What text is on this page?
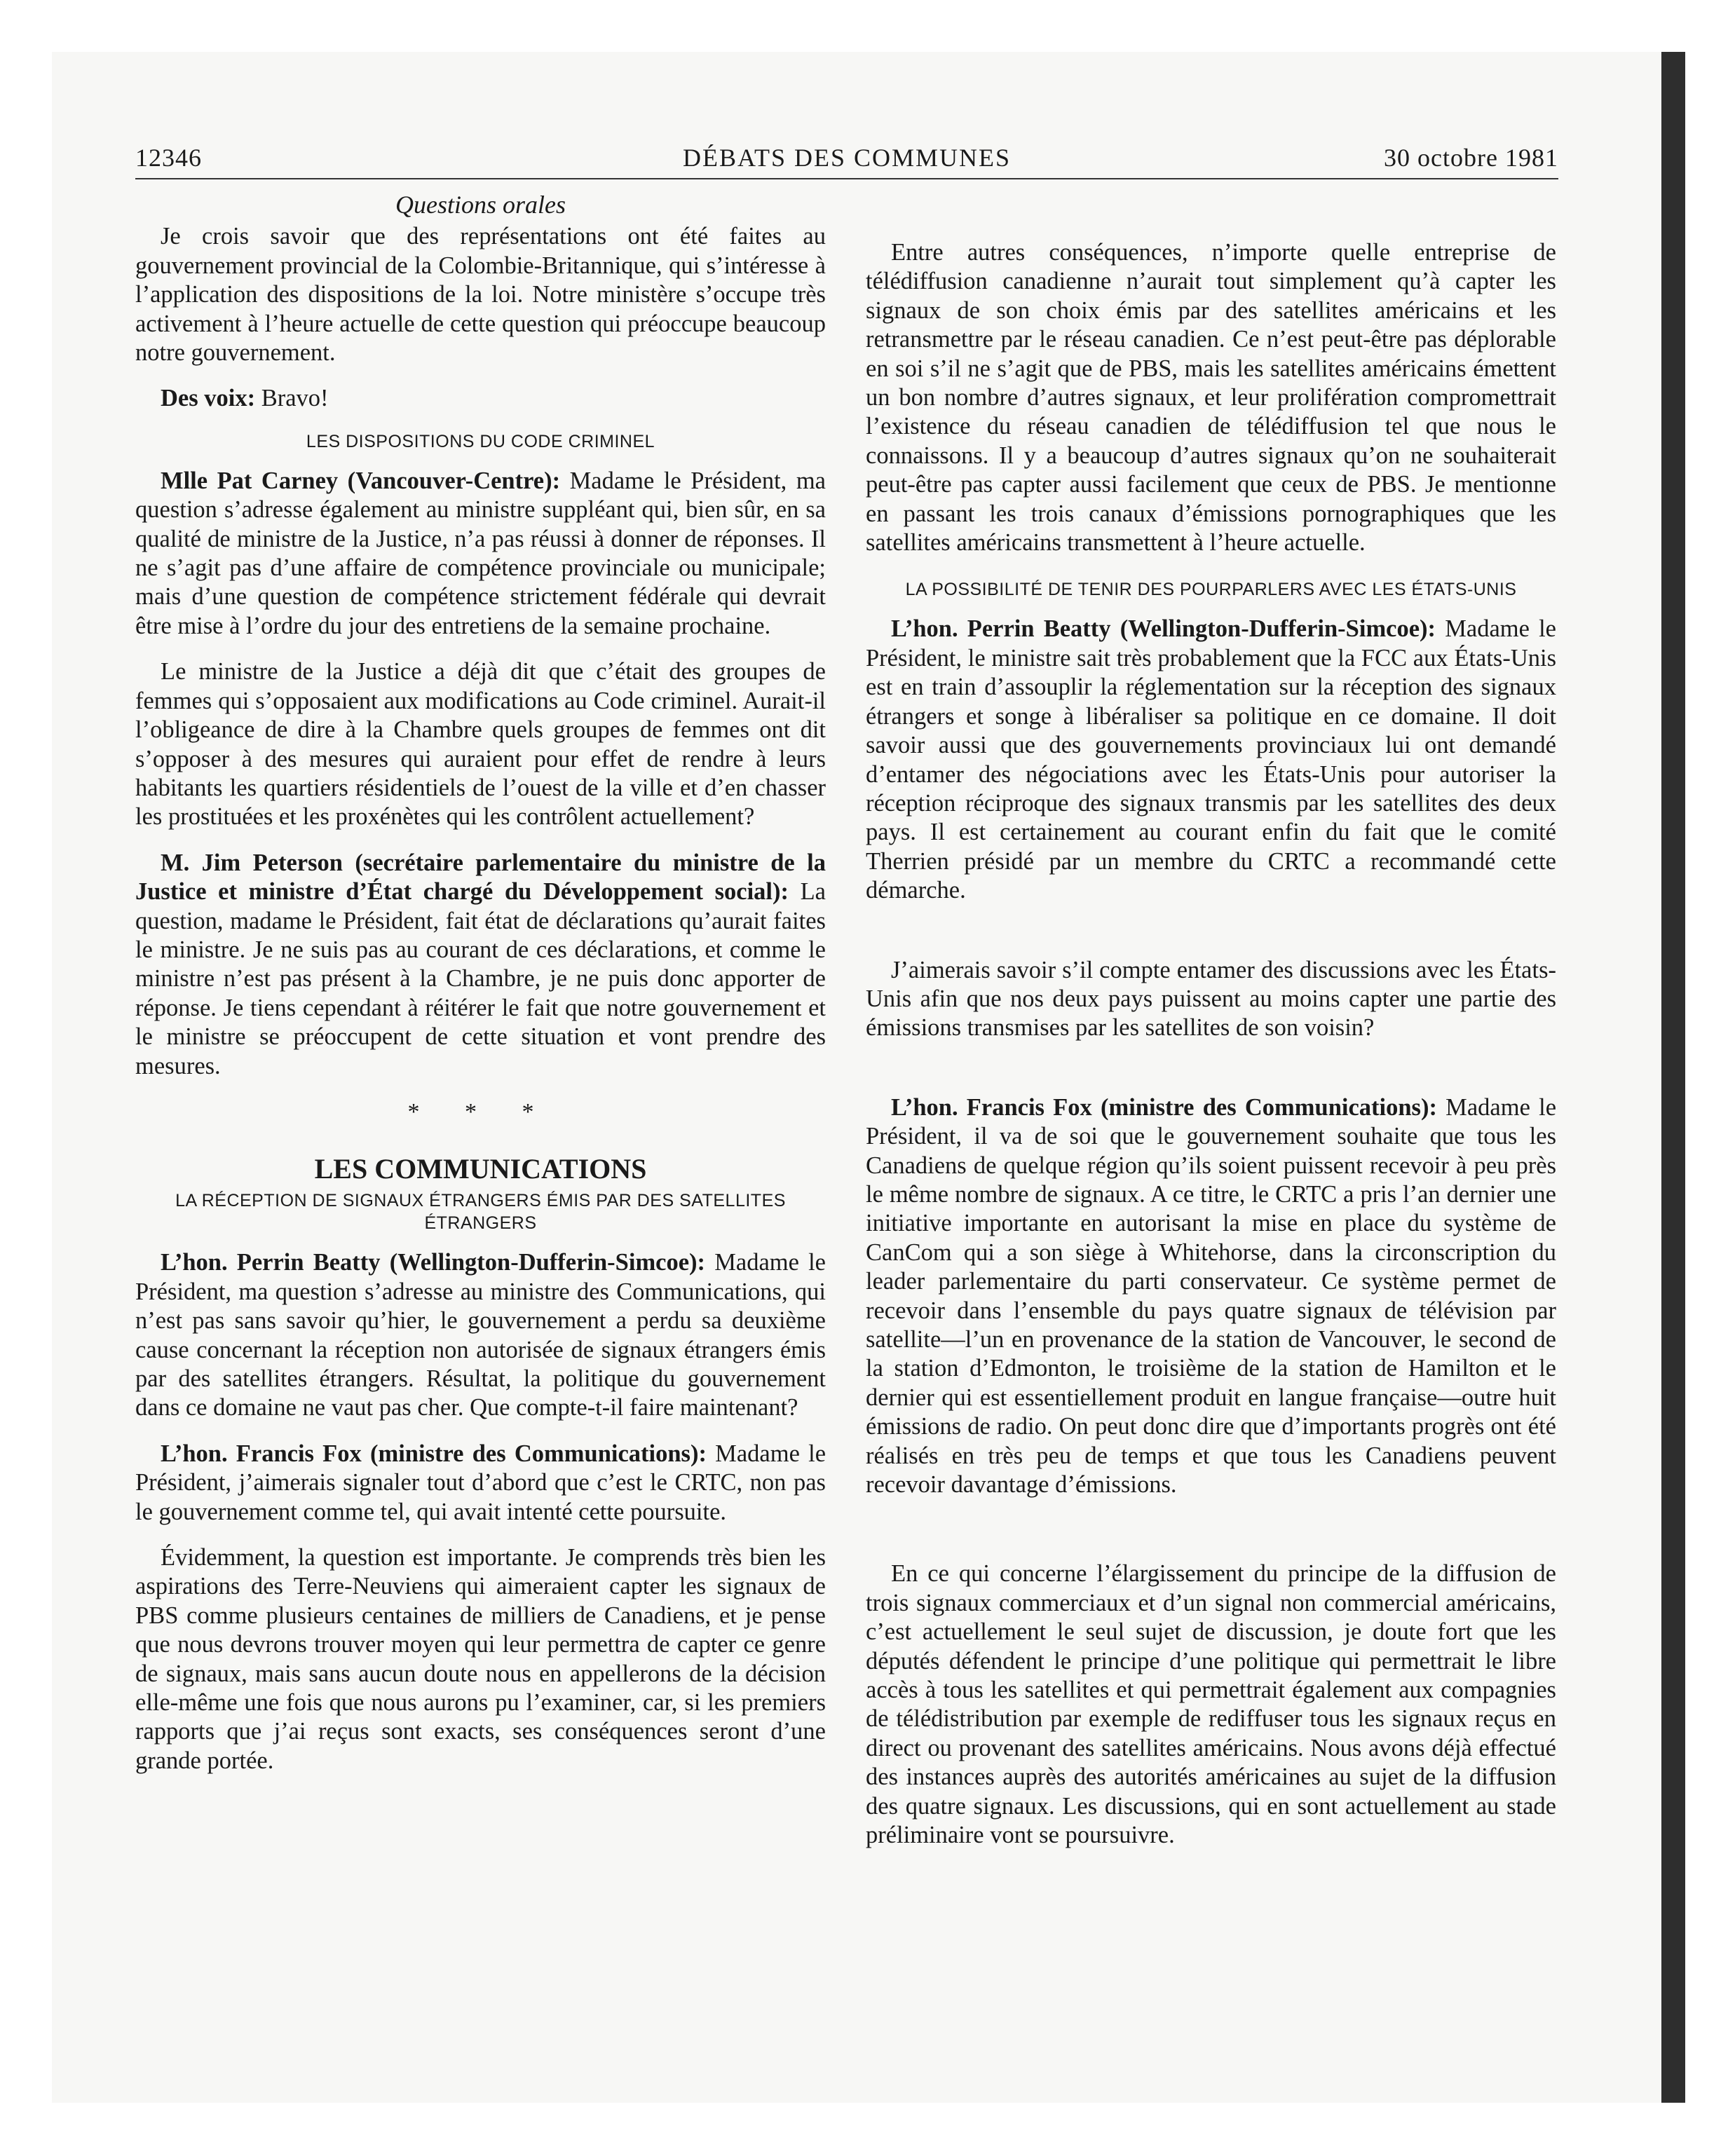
12346	DÉBATS DES COMMUNES	30 octobre 1981
Questions orales

Je crois savoir que des représentations ont été faites au gouvernement provincial de la Colombie-Britannique, qui s’intéresse à l’application des dispositions de la loi. Notre ministère s’occupe très activement à l’heure actuelle de cette question qui préoccupe beaucoup notre gouvernement.

Des voix: Bravo!

LES DISPOSITIONS DU CODE CRIMINEL

Mlle Pat Carney (Vancouver-Centre): Madame le Président, ma question s’adresse également au ministre suppléant qui, bien sûr, en sa qualité de ministre de la Justice, n’a pas réussi à donner de réponses. Il ne s’agit pas d’une affaire de compétence provinciale ou municipale; mais d’une question de compétence strictement fédérale qui devrait être mise à l’ordre du jour des entretiens de la semaine prochaine.

Le ministre de la Justice a déjà dit que c’était des groupes de femmes qui s’opposaient aux modifications au Code criminel. Aurait-il l’obligeance de dire à la Chambre quels groupes de femmes ont dit s’opposer à des mesures qui auraient pour effet de rendre à leurs habitants les quartiers résidentiels de l’ouest de la ville et d’en chasser les prostituées et les proxénètes qui les contrôlent actuellement?

M. Jim Peterson (secrétaire parlementaire du ministre de la Justice et ministre d’État chargé du Développement social): La question, madame le Président, fait état de déclarations qu’aurait faites le ministre. Je ne suis pas au courant de ces déclarations, et comme le ministre n’est pas présent à la Chambre, je ne puis donc apporter de réponse. Je tiens cependant à réitérer le fait que notre gouvernement et le ministre se préoccupent de cette situation et vont prendre des mesures.

* * *
LES COMMUNICATIONS
LA RÉCEPTION DE SIGNAUX ÉTRANGERS ÉMIS PAR DES SATELLITES ÉTRANGERS

L’hon. Perrin Beatty (Wellington-Dufferin-Simcoe): Madame le Président, ma question s’adresse au ministre des Communications, qui n’est pas sans savoir qu’hier, le gouvernement a perdu sa deuxième cause concernant la réception non autorisée de signaux étrangers émis par des satellites étrangers. Résultat, la politique du gouvernement dans ce domaine ne vaut pas cher. Que compte-t-il faire maintenant?

L’hon. Francis Fox (ministre des Communications): Madame le Président, j’aimerais signaler tout d’abord que c’est le CRTC, non pas le gouvernement comme tel, qui avait intenté cette poursuite.

Évidemment, la question est importante. Je comprends très bien les aspirations des Terre-Neuviens qui aimeraient capter les signaux de PBS comme plusieurs centaines de milliers de Canadiens, et je pense que nous devrons trouver moyen qui leur permettra de capter ce genre de signaux, mais sans aucun doute nous en appellerons de la décision elle-même une fois que nous aurons pu l’examiner, car, si les premiers rapports que j’ai reçus sont exacts, ses conséquences seront d’une grande portée.

Entre autres conséquences, n’importe quelle entreprise de télédiffusion canadienne n’aurait tout simplement qu’à capter les signaux de son choix émis par des satellites américains et les retransmettre par le réseau canadien. Ce n’est peut-être pas déplorable en soi s’il ne s’agit que de PBS, mais les satellites américains émettent un bon nombre d’autres signaux, et leur prolifération compromettrait l’existence du réseau canadien de télédiffusion tel que nous le connaissons. Il y a beaucoup d’autres signaux qu’on ne souhaiterait peut-être pas capter aussi facilement que ceux de PBS. Je mentionne en passant les trois canaux d’émissions pornographiques que les satellites américains transmettent à l’heure actuelle.

LA POSSIBILITÉ DE TENIR DES POURPARLERS AVEC LES ÉTATS-UNIS

L’hon. Perrin Beatty (Wellington-Dufferin-Simcoe): Madame le Président, le ministre sait très probablement que la FCC aux États-Unis est en train d’assouplir la réglementation sur la réception des signaux étrangers et songe à libéraliser sa politique en ce domaine. Il doit savoir aussi que des gouvernements provinciaux lui ont demandé d’entamer des négociations avec les États-Unis pour autoriser la réception réciproque des signaux transmis par les satellites des deux pays. Il est certainement au courant enfin du fait que le comité Therrien présidé par un membre du CRTC a recommandé cette démarche.

J’aimerais savoir s’il compte entamer des discussions avec les États-Unis afin que nos deux pays puissent au moins capter une partie des émissions transmises par les satellites de son voisin?

L’hon. Francis Fox (ministre des Communications): Madame le Président, il va de soi que le gouvernement souhaite que tous les Canadiens de quelque région qu’ils soient puissent recevoir à peu près le même nombre de signaux. A ce titre, le CRTC a pris l’an dernier une initiative importante en autorisant la mise en place du système de CanCom qui a son siège à Whitehorse, dans la circonscription du leader parlementaire du parti conservateur. Ce système permet de recevoir dans l’ensemble du pays quatre signaux de télévision par satellite—l’un en provenance de la station de Vancouver, le second de la station d’Edmonton, le troisième de la station de Hamilton et le dernier qui est essentiellement produit en langue française—outre huit émissions de radio. On peut donc dire que d’importants progrès ont été réalisés en très peu de temps et que tous les Canadiens peuvent recevoir davantage d’émissions.

En ce qui concerne l’élargissement du principe de la diffusion de trois signaux commerciaux et d’un signal non commercial américains, c’est actuellement le seul sujet de discussion, je doute fort que les députés défendent le principe d’une politique qui permettrait le libre accès à tous les satellites et qui permettrait également aux compagnies de télédistribution par exemple de rediffuser tous les signaux reçus en direct ou provenant des satellites américains. Nous avons déjà effectué des instances auprès des autorités américaines au sujet de la diffusion des quatre signaux. Les discussions, qui en sont actuellement au stade préliminaire vont se poursuivre.
